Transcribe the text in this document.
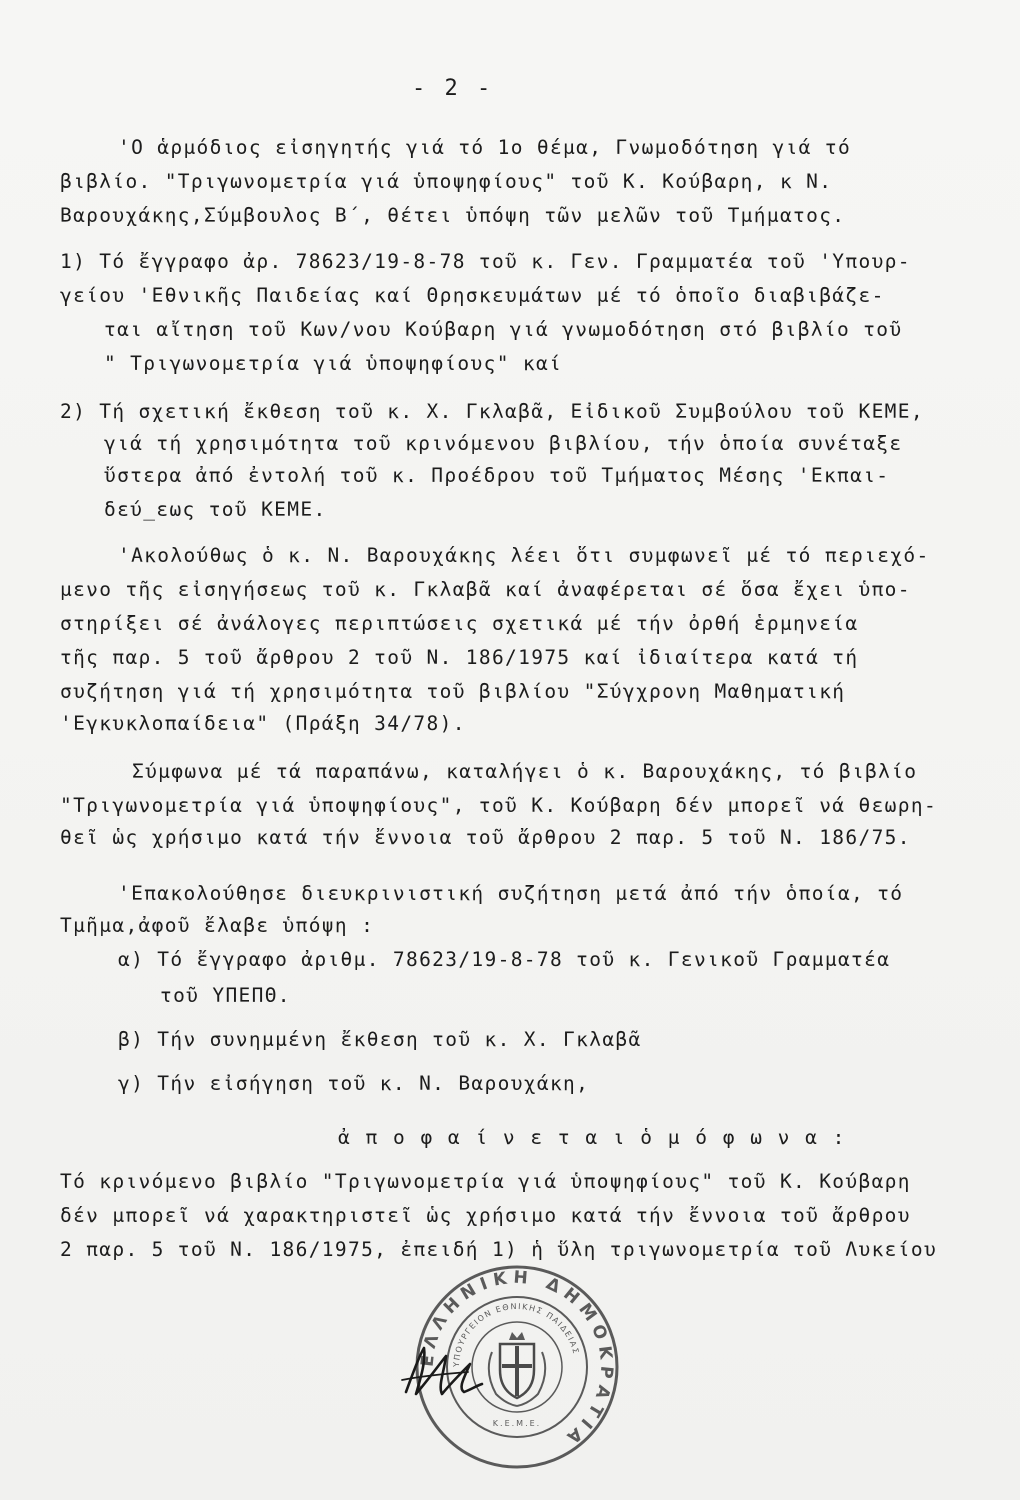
- 2 -
'Ο ἁρμόδιος εἰσηγητής γιά τό 1ο θέμα, Γνωμοδότηση γιά τό
βιβλίο. "Τριγωνομετρία γιά ὑποψηφίους" τοῦ Κ. Κούβαρη, κ Ν.
Βαρουχάκης,Σύμβουλος Β΄, θέτει ὑπόψη τῶν μελῶν τοῦ Τμήματος.
1) Τό ἔγγραφο ἀρ. 78623/19-8-78 τοῦ κ. Γεν. Γραμματέα τοῦ 'Υπουρ-
γείου 'Εθνικῆς Παιδείας καί Θρησκευμάτων μέ τό ὁποῖο διαβιβάζε-
ται αἴτηση τοῦ Κων/νου Κούβαρη γιά γνωμοδότηση στό βιβλίο τοῦ
" Τριγωνομετρία γιά ὑποψηφίους" καί
2) Τή σχετική ἔκθεση τοῦ κ. Χ. Γκλαβᾶ, Εἰδικοῦ Συμβούλου τοῦ ΚΕΜΕ,
γιά τή χρησιμότητα τοῦ κρινόμενου βιβλίου, τήν ὁποία συνέταξε
ὕστερα ἀπό ἐντολή τοῦ κ. Προέδρου τοῦ Τμήματος Μέσης 'Εκπαι-
δεύ_εως τοῦ ΚΕΜΕ.
'Ακολούθως ὁ κ. Ν. Βαρουχάκης λέει ὅτι συμφωνεῖ μέ τό περιεχό-
μενο τῆς εἰσηγήσεως τοῦ κ. Γκλαβᾶ καί ἀναφέρεται σέ ὅσα ἔχει ὑπο-
στηρίξει σέ ἀνάλογες περιπτώσεις σχετικά μέ τήν ὀρθή ἑρμηνεία
τῆς παρ. 5 τοῦ ἄρθρου 2 τοῦ Ν. 186/1975 καί ἰδιαίτερα κατά τή
συζήτηση γιά τή χρησιμότητα τοῦ βιβλίου "Σύγχρονη Μαθηματική
'Εγκυκλοπαίδεια" (Πράξη 34/78).
Σύμφωνα μέ τά παραπάνω, καταλήγει ὁ κ. Βαρουχάκης, τό βιβλίο
"Τριγωνομετρία γιά ὑποψηφίους", τοῦ Κ. Κούβαρη δέν μπορεῖ νά θεωρη-
θεῖ ὡς χρήσιμο κατά τήν ἔννοια τοῦ ἄρθρου 2 παρ. 5 τοῦ Ν. 186/75.
'Επακολούθησε διευκρινιστική συζήτηση μετά ἀπό τήν ὁποία, τό
Τμῆμα,ἀφοῦ ἔλαβε ὑπόψη :
α) Τό ἔγγραφο ἀριθμ. 78623/19-8-78 τοῦ κ. Γενικοῦ Γραμματέα
τοῦ ΥΠΕΠΘ.
β) Τήν συνημμένη ἔκθεση τοῦ κ. Χ. Γκλαβᾶ
γ) Τήν εἰσήγηση τοῦ κ. Ν. Βαρουχάκη,
ἀ π ο φ α ί ν ε τ α ι ὁ μ ό φ ω ν α :
Τό κρινόμενο βιβλίο "Τριγωνομετρία γιά ὑποψηφίους" τοῦ Κ. Κούβαρη
δέν μπορεῖ νά χαρακτηριστεῖ ὡς χρήσιμο κατά τήν ἔννοια τοῦ ἄρθρου
2 παρ. 5 τοῦ Ν. 186/1975, ἐπειδή 1) ἡ ὕλη τριγωνομετρία τοῦ Λυκείου
ΕΛΛΗΝΙΚΗ ΔΗΜΟΚΡΑΤΙΑ
ΥΠΟΥΡΓΕΙΟΝ ΕΘΝΙΚΗΣ ΠΑΙΔΕΙΑΣ
Κ.Ε.Μ.Ε.
